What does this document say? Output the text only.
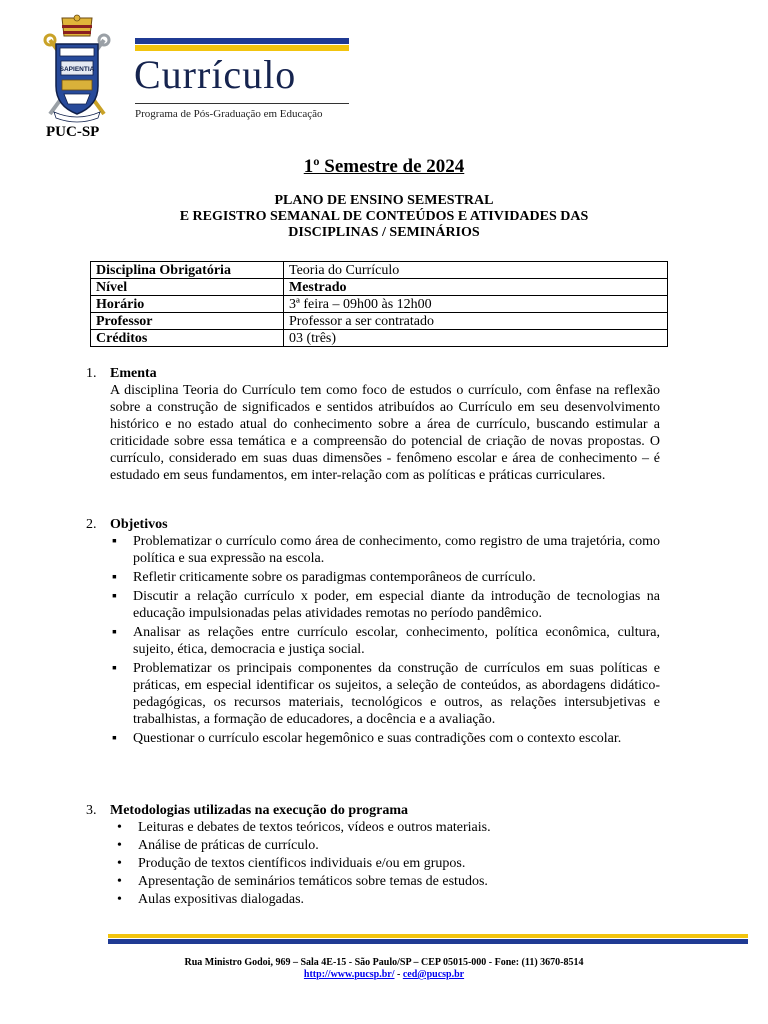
SAPIENTIA
PUC-SP
Currículo
Programa de Pós-Graduação em Educação
1º Semestre de 2024
PLANO DE ENSINO SEMESTRAL
E REGISTRO SEMANAL DE CONTEÚDOS E ATIVIDADES DAS
DISCIPLINAS / SEMINÁRIOS
Disciplina Obrigatória	Teoria do Currículo
Nível	Mestrado
Horário	3ª feira – 09h00 às 12h00
Professor	Professor a ser contratado
Créditos	03 (três)
1. Ementa
A disciplina Teoria do Currículo tem como foco de estudos o currículo, com ênfase na reflexão sobre a construção de significados e sentidos atribuídos ao Currículo em seu desenvolvimento histórico e no estado atual do conhecimento sobre a área de currículo, buscando estimular a criticidade sobre essa temática e a compreensão do potencial de criação de novas propostas. O currículo, considerado em suas duas dimensões - fenômeno escolar e área de conhecimento – é estudado em seus fundamentos, em inter-relação com as políticas e práticas curriculares.
2. Objetivos
▪ Problematizar o currículo como área de conhecimento, como registro de uma trajetória, como política e sua expressão na escola.
▪ Refletir criticamente sobre os paradigmas contemporâneos de currículo.
▪ Discutir a relação currículo x poder, em especial diante da introdução de tecnologias na educação impulsionadas pelas atividades remotas no período pandêmico.
▪ Analisar as relações entre currículo escolar, conhecimento, política econômica, cultura, sujeito, ética, democracia e justiça social.
▪ Problematizar os principais componentes da construção de currículos em suas políticas e práticas, em especial identificar os sujeitos, a seleção de conteúdos, as abordagens didático-pedagógicas, os recursos materiais, tecnológicos e outros, as relações intersubjetivas e trabalhistas, a formação de educadores, a docência e a avaliação.
▪ Questionar o currículo escolar hegemônico e suas contradições com o contexto escolar.
3. Metodologias utilizadas na execução do programa
• Leituras e debates de textos teóricos, vídeos e outros materiais.
• Análise de práticas de currículo.
• Produção de textos científicos individuais e/ou em grupos.
• Apresentação de seminários temáticos sobre temas de estudos.
• Aulas expositivas dialogadas.
Rua Ministro Godoi, 969 – Sala 4E-15 - São Paulo/SP – CEP 05015-000 - Fone: (11) 3670-8514
http://www.pucsp.br/ - ced@pucsp.br
